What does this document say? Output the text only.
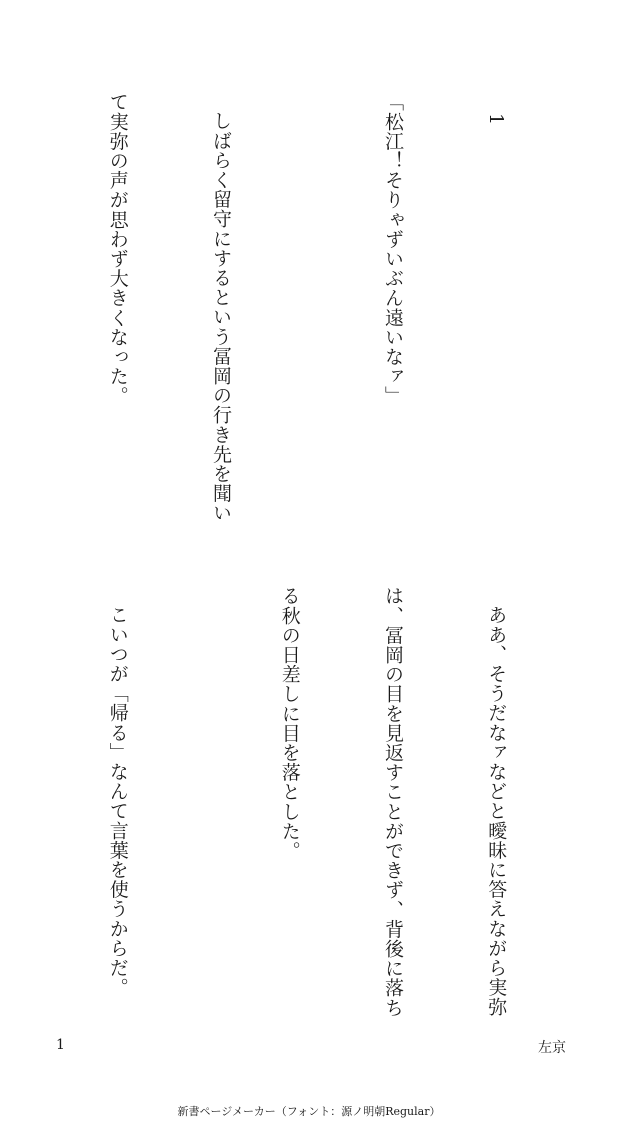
1

「松江！そりゃずいぶん遠いなァ」

しばらく留守にするという冨岡の行き先を聞い

て実弥の声が思わず大きくなった。

ああ、そうだなァなどと曖昧に答えながら実弥

は、冨岡の目を見返すことができず、背後に落ち

る秋の日差しに目を落とした。

こいつが「帰る」なんて言葉を使うからだ。

1	左京
新書ページメーカー（フォント：源ノ明朝Regular）
